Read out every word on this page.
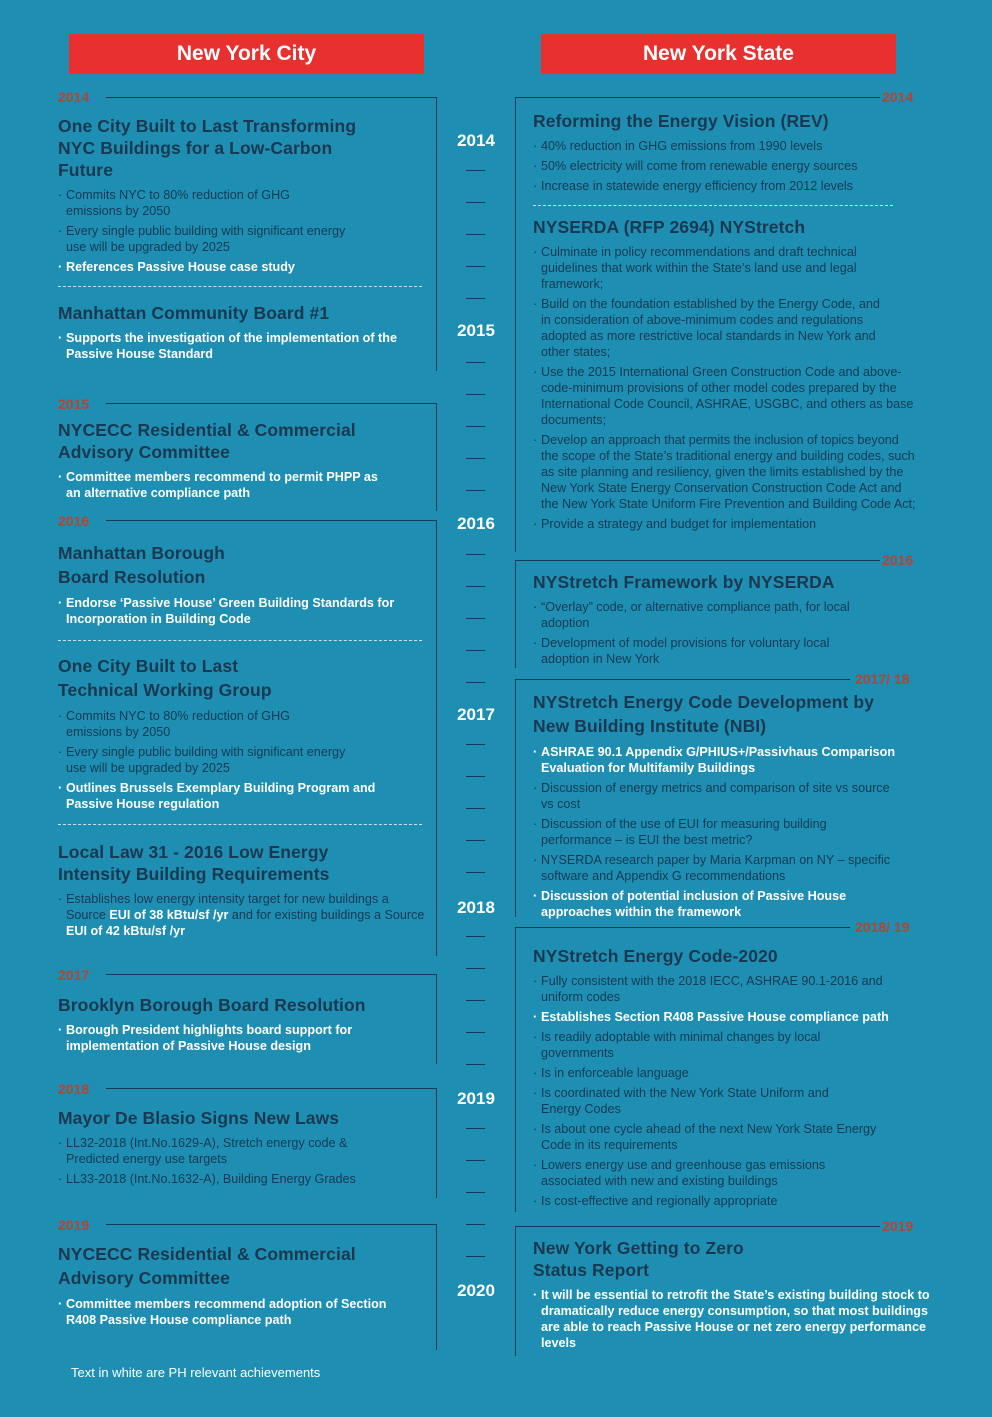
New York City	New York State
2014
2015
2016
2017
2018
2019
2020
2014
One City Built to Last Transforming NYC Buildings for a Low-Carbon Future
· Commits NYC to 80% reduction of GHG emissions by 2050
· Every single public building with significant energy use will be upgraded by 2025
· References Passive House case study
Manhattan Community Board #1
· Supports the investigation of the implementation of the Passive House Standard
2015
NYCECC Residential & Commercial Advisory Committee
· Committee members recommend to permit PHPP as an alternative compliance path
2016
Manhattan Borough Board Resolution
· Endorse ‘Passive House’ Green Building Standards for Incorporation in Building Code
One City Built to Last Technical Working Group
· Commits NYC to 80% reduction of GHG emissions by 2050
· Every single public building with significant energy use will be upgraded by 2025
· Outlines Brussels Exemplary Building Program and Passive House regulation
Local Law 31 - 2016 Low Energy Intensity Building Requirements
· Establishes low energy intensity target for new buildings a Source EUI of 38 kBtu/sf /yr and for existing buildings a Source EUI of 42 kBtu/sf /yr
2017
Brooklyn Borough Board Resolution
· Borough President highlights board support for implementation of Passive House design
2018
Mayor De Blasio Signs New Laws
· LL32-2018 (Int.No.1629-A), Stretch energy code & Predicted energy use targets
· LL33-2018 (Int.No.1632-A), Building Energy Grades
2019
NYCECC Residential & Commercial Advisory Committee
· Committee members recommend adoption of Section R408 Passive House compliance path
2014
Reforming the Energy Vision (REV)
· 40% reduction in GHG emissions from 1990 levels
· 50% electricity will come from renewable energy sources
· Increase in statewide energy efficiency from 2012 levels
NYSERDA (RFP 2694) NYStretch
· Culminate in policy recommendations and draft technical guidelines that work within the State’s land use and legal framework;
· Build on the foundation established by the Energy Code, and in consideration of above-minimum codes and regulations adopted as more restrictive local standards in New York and other states;
· Use the 2015 International Green Construction Code and above-code-minimum provisions of other model codes prepared by the International Code Council, ASHRAE, USGBC, and others as base documents;
· Develop an approach that permits the inclusion of topics beyond the scope of the State’s traditional energy and building codes, such as site planning and resiliency, given the limits established by the New York State Energy Conservation Construction Code Act and the New York State Uniform Fire Prevention and Building Code Act;
· Provide a strategy and budget for implementation
2016
NYStretch Framework by NYSERDA
· “Overlay” code, or alternative compliance path, for local adoption
· Development of model provisions for voluntary local adoption in New York
2017/ 18
NYStretch Energy Code Development by New Building Institute (NBI)
· ASHRAE 90.1 Appendix G/PHIUS+/Passivhaus Comparison Evaluation for Multifamily Buildings
· Discussion of energy metrics and comparison of site vs source vs cost
· Discussion of the use of EUI for measuring building performance – is EUI the best metric?
· NYSERDA research paper by Maria Karpman on NY – specific software and Appendix G recommendations
· Discussion of potential inclusion of Passive House approaches within the framework
2018/ 19
NYStretch Energy Code-2020
· Fully consistent with the 2018 IECC, ASHRAE 90.1-2016 and uniform codes
· Establishes Section R408 Passive House compliance path
· Is readily adoptable with minimal changes by local governments
· Is in enforceable language
· Is coordinated with the New York State Uniform and Energy Codes
· Is about one cycle ahead of the next New York State Energy Code in its requirements
· Lowers energy use and greenhouse gas emissions associated with new and existing buildings
· Is cost-effective and regionally appropriate
2019
New York Getting to Zero Status Report
· It will be essential to retrofit the State’s existing building stock to dramatically reduce energy consumption, so that most buildings are able to reach Passive House or net zero energy performance levels
Text in white are PH relevant achievements
